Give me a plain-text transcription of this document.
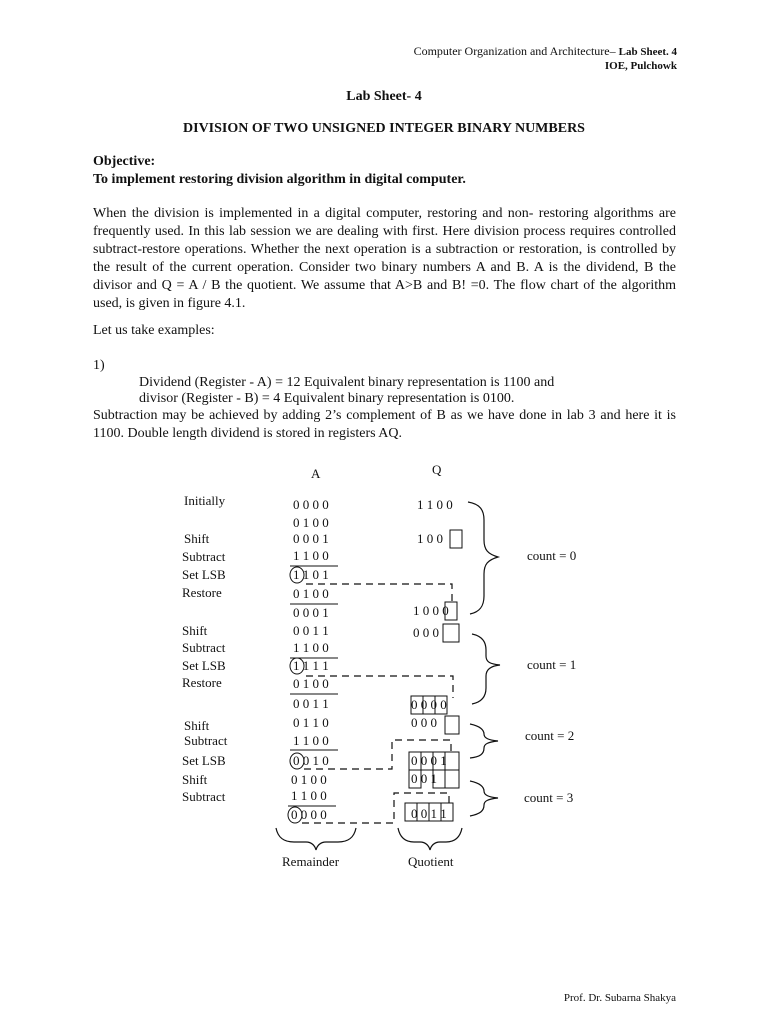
Computer Organization and Architecture– Lab Sheet. 4
IOE, Pulchowk
Lab Sheet- 4
DIVISION OF TWO UNSIGNED INTEGER BINARY NUMBERS
Objective:
To implement restoring division algorithm in digital computer.
When the division is implemented in a digital computer, restoring and non- restoring algorithms are frequently used. In this lab session we are dealing with first. Here division process requires controlled subtract-restore operations. Whether the next operation is a subtraction or restoration, is controlled by the result of the current operation. Consider two binary numbers A and B. A is the dividend, B the divisor and Q = A / B the quotient. We assume that A>B and B! =0. The flow chart of the algorithm used, is given in figure 4.1.
Let us take examples:
1)
Dividend (Register - A) = 12 Equivalent binary representation is 1100 and
divisor (Register - B) = 4 Equivalent binary representation is 0100.
Subtraction may be achieved by adding 2’s complement of B as we have done in lab 3 and here it is 1100. Double length dividend is stored in registers AQ.
A	Q
Initially
Shift
Subtract
Set LSB
Restore
Shift
Subtract
Set LSB
Restore
Shift
Subtract
Set LSB
Shift
Subtract
0 0 0 0
0 1 0 0
0 0 0 1
1 1 0 0
1 1 0 1
0 1 0 0
0 0 0 1
0 0 1 1
1 1 0 0
1 1 1 1
0 1 0 0
0 0 1 1
0 1 1 0
1 1 0 0
0 0 1 0
0 1 0 0
1 1 0 0
0 0 0 0
1 1 0 0
1 0 0
1 0 0 0
0 0 0
0 0 0 0
0 0 0
0 0 0 1
0 0 1
0 0 1 1
count = 0
count = 1
count = 2
count = 3
Remainder	Quotient
Prof. Dr. Subarna Shakya
